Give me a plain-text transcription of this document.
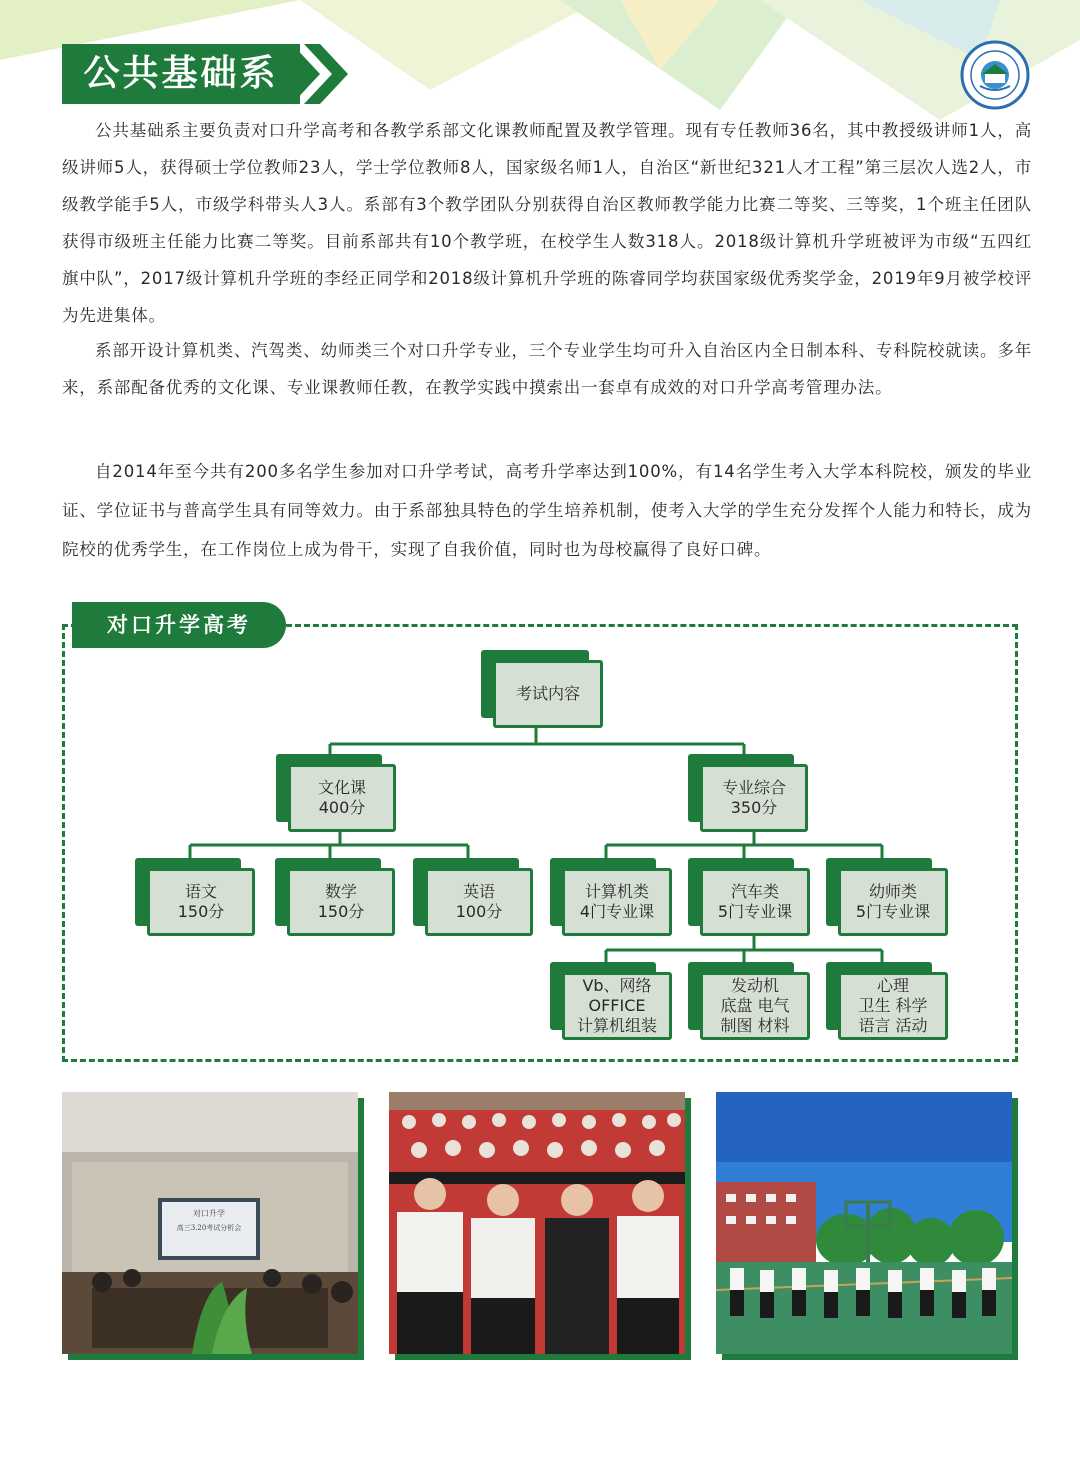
公共基础系

公共基础系主要负责对口升学高考和各教学系部文化课教师配置及教学管理。现有专任教师36名，其中教授级讲师1人，高级讲师5人，获得硕士学位教师23人，学士学位教师8人，国家级名师1人，自治区“新世纪321人才工程”第三层次人选2人，市级教学能手5人，市级学科带头人3人。系部有3个教学团队分别获得自治区教师教学能力比赛二等奖、三等奖，1个班主任团队获得市级班主任能力比赛二等奖。目前系部共有10个教学班，在校学生人数318人。2018级计算机升学班被评为市级“五四红旗中队”，2017级计算机升学班的李经正同学和2018级计算机升学班的陈睿同学均获国家级优秀奖学金，2019年9月被学校评为先进集体。

系部开设计算机类、汽驾类、幼师类三个对口升学专业，三个专业学生均可升入自治区内全日制本科、专科院校就读。多年来，系部配备优秀的文化课、专业课教师任教，在教学实践中摸索出一套卓有成效的对口升学高考管理办法。

自2014年至今共有200多名学生参加对口升学考试，高考升学率达到100%，有14名学生考入大学本科院校，颁发的毕业证、学位证书与普高学生具有同等效力。由于系部独具特色的学生培养机制，使考入大学的学生充分发挥个人能力和特长，成为院校的优秀学生，在工作岗位上成为骨干，实现了自我价值，同时也为母校赢得了良好口碑。

对口升学高考
考试内容
文化课
400分
专业综合
350分
语文
150分
数学
150分
英语
100分
计算机类
4门专业课
汽车类
5门专业课
幼师类
5门专业课
Vb、网络
OFFICE
计算机组装
发动机
底盘 电气
制图 材料
心理
卫生 科学
语言 活动
对口升学
高三3.20考试分析会
